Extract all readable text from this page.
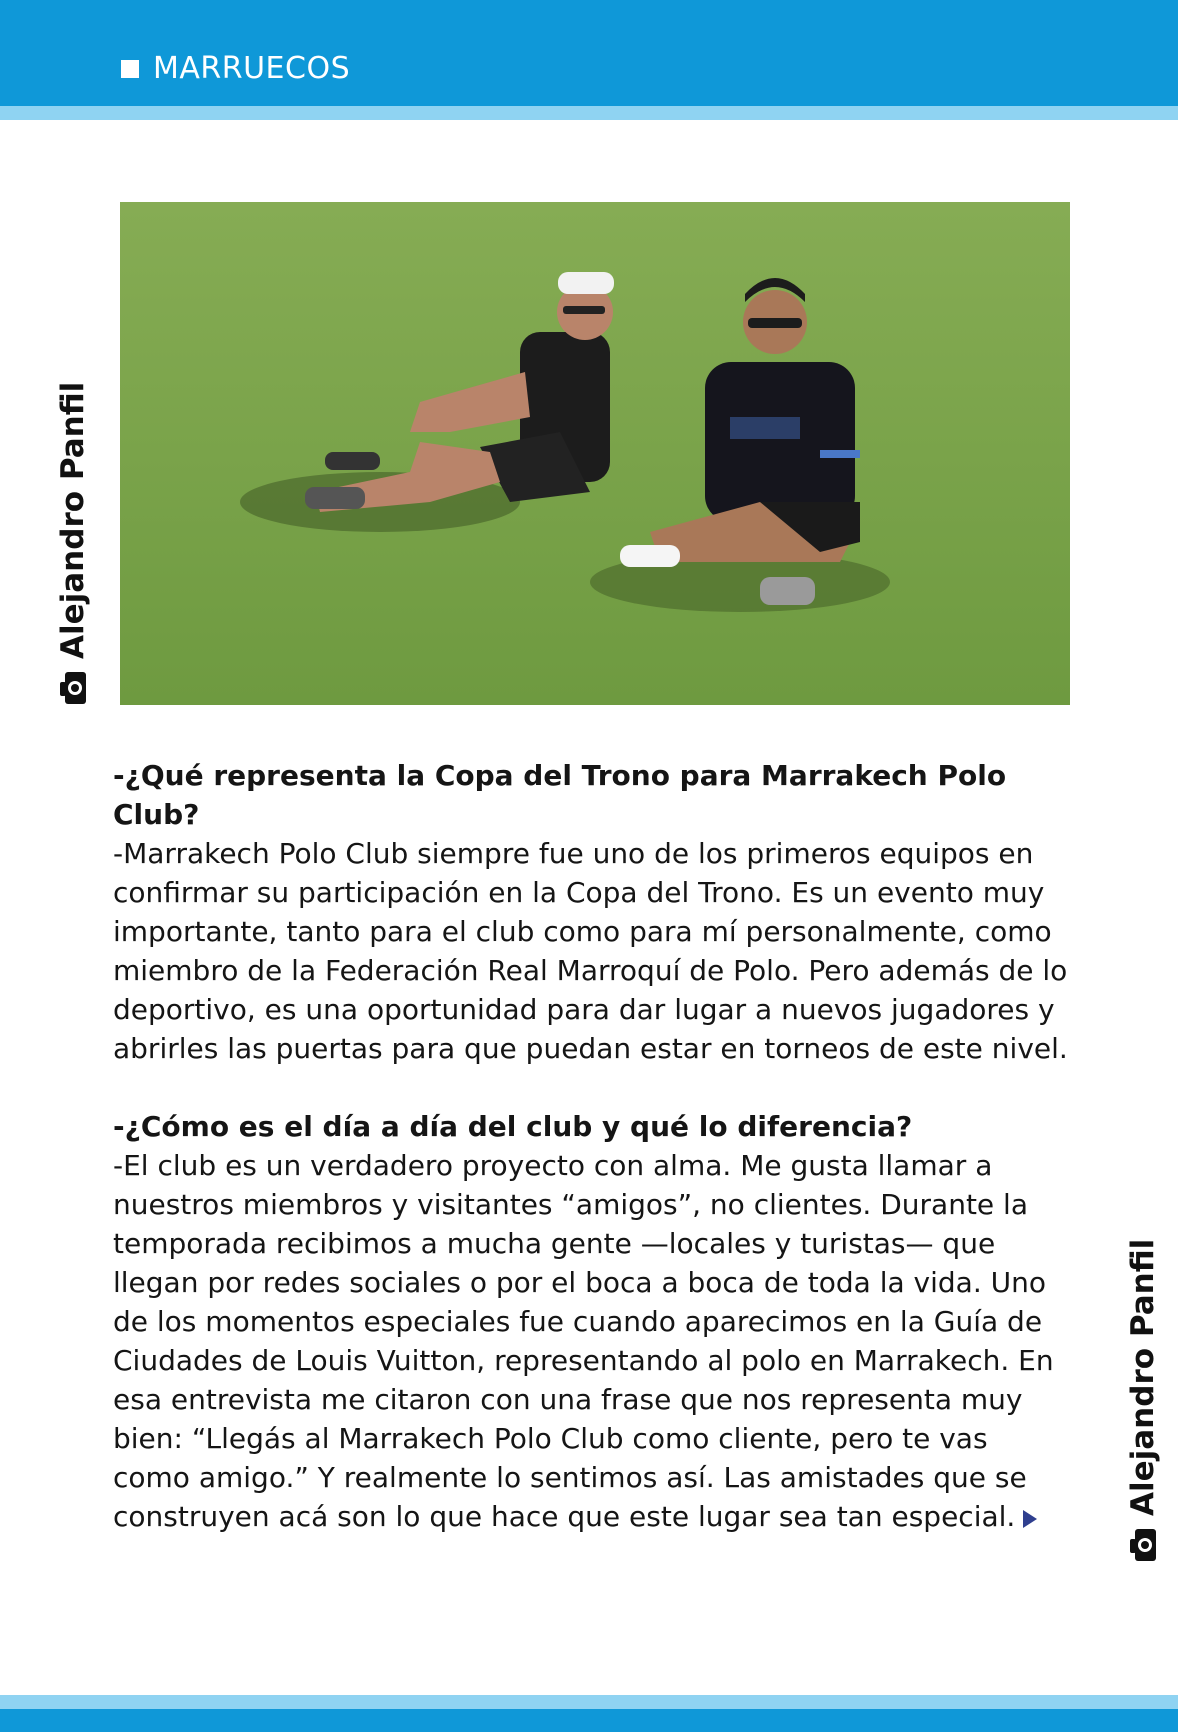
MARRUECOS
Alejandro Panfil

-¿Qué representa la Copa del Trono para Marrakech Polo Club?

-Marrakech Polo Club siempre fue uno de los primeros equipos en confirmar su participación en la Copa del Trono. Es un evento muy importante, tanto para el club como para mí personalmente, como miembro de la Federación Real Marroquí de Polo. Pero además de lo deportivo, es una oportunidad para dar lugar a nuevos jugadores y abrirles las puertas para que puedan estar en torneos de este nivel.

-¿Cómo es el día a día del club y qué lo diferencia?

-El club es un verdadero proyecto con alma. Me gusta llamar a nuestros miembros y visitantes “amigos”, no clientes. Durante la temporada recibimos a mucha gente —locales y turistas— que llegan por redes sociales o por el boca a boca de toda la vida. Uno de los momentos especiales fue cuando aparecimos en la Guía de Ciudades de Louis Vuitton, representando al polo en Marrakech. En esa entrevista me citaron con una frase que nos representa muy bien: “Llegás al Marrakech Polo Club como cliente, pero te vas como amigo.” Y realmente lo sentimos así. Las amistades que se construyen acá son lo que hace que este lugar sea tan especial.

Alejandro Panfil
